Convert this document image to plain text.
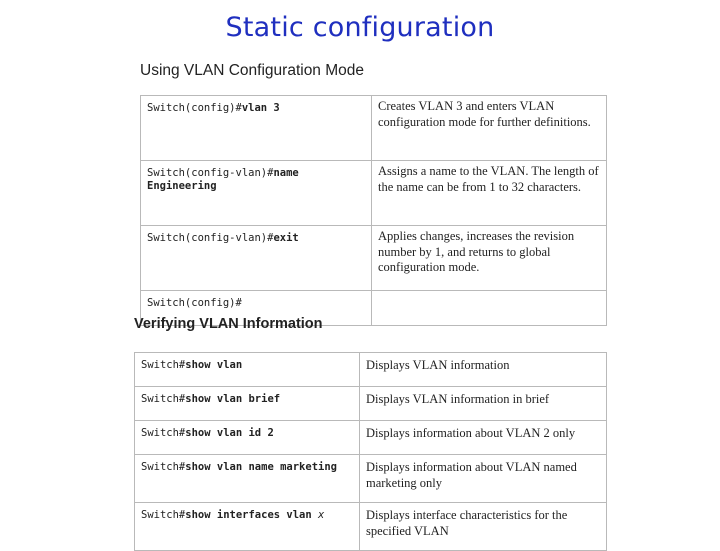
Static configuration
Using VLAN Configuration Mode
Switch(config)#vlan 3	Creates VLAN 3 and enters VLAN configuration mode for further definitions.
Switch(config-vlan)#name Engineering	Assigns a name to the VLAN. The length of the name can be from 1 to 32 characters.
Switch(config-vlan)#exit	Applies changes, increases the revision number by 1, and returns to global configuration mode.
Switch(config)#	
Verifying VLAN Information
Switch#show vlan	Displays VLAN information
Switch#show vlan brief	Displays VLAN information in brief
Switch#show vlan id 2	Displays information about VLAN 2 only
Switch#show vlan name marketing	Displays information about VLAN named marketing only
Switch#show interfaces vlan x	Displays interface characteristics for the specified VLAN
